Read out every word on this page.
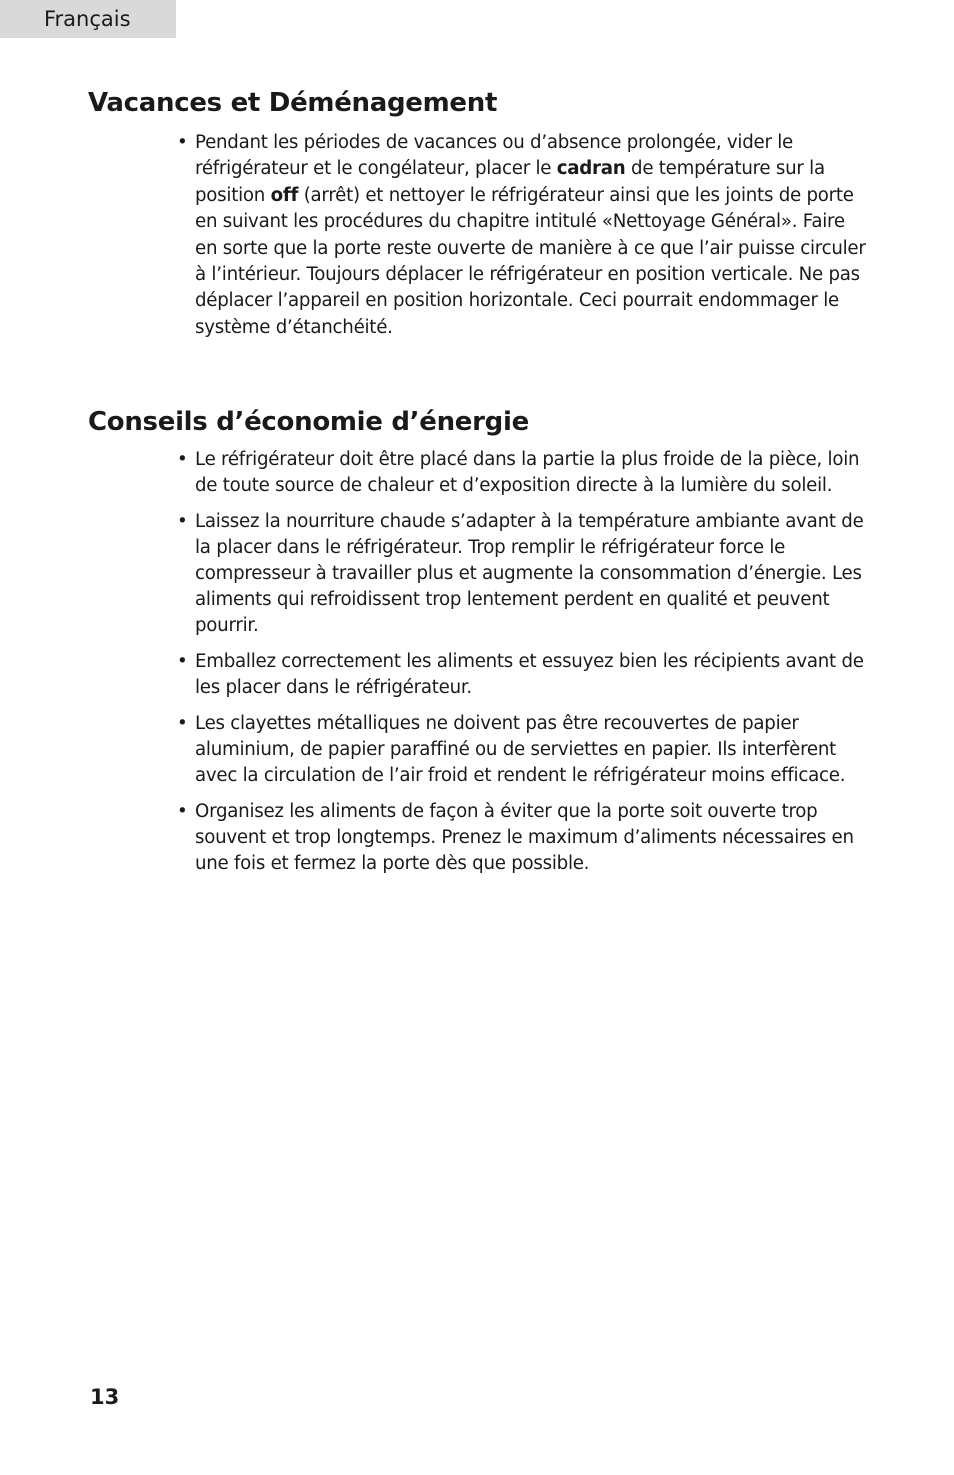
Français
Vacances et Déménagement
• Pendant les périodes de vacances ou d’absence prolongée, vider le réfrigérateur et le congélateur, placer le cadran de température sur la position off (arrêt) et nettoyer le réfrigérateur ainsi que les joints de porte en suivant les procédures du chapitre intitulé «Nettoyage Général». Faire en sorte que la porte reste ouverte de manière à ce que l’air puisse circuler à l’intérieur. Toujours déplacer le réfrigérateur en position verticale. Ne pas déplacer l’appareil en position horizontale. Ceci pourrait endommager le système d’étanchéité.
Conseils d’économie d’énergie
• Le réfrigérateur doit être placé dans la partie la plus froide de la pièce, loin de toute source de chaleur et d’exposition directe à la lumière du soleil.
• Laissez la nourriture chaude s’adapter à la température ambiante avant de la placer dans le réfrigérateur. Trop remplir le réfrigérateur force le compresseur à travailler plus et augmente la consommation d’énergie. Les aliments qui refroidissent trop lentement perdent en qualité et peuvent pourrir.
• Emballez correctement les aliments et essuyez bien les récipients avant de les placer dans le réfrigérateur.
• Les clayettes métalliques ne doivent pas être recouvertes de papier aluminium, de papier paraffiné ou de serviettes en papier. Ils interfèrent avec la circulation de l’air froid et rendent le réfrigérateur moins efficace.
• Organisez les aliments de façon à éviter que la porte soit ouverte trop souvent et trop longtemps. Prenez le maximum d’aliments nécessaires en une fois et fermez la porte dès que possible.
13
